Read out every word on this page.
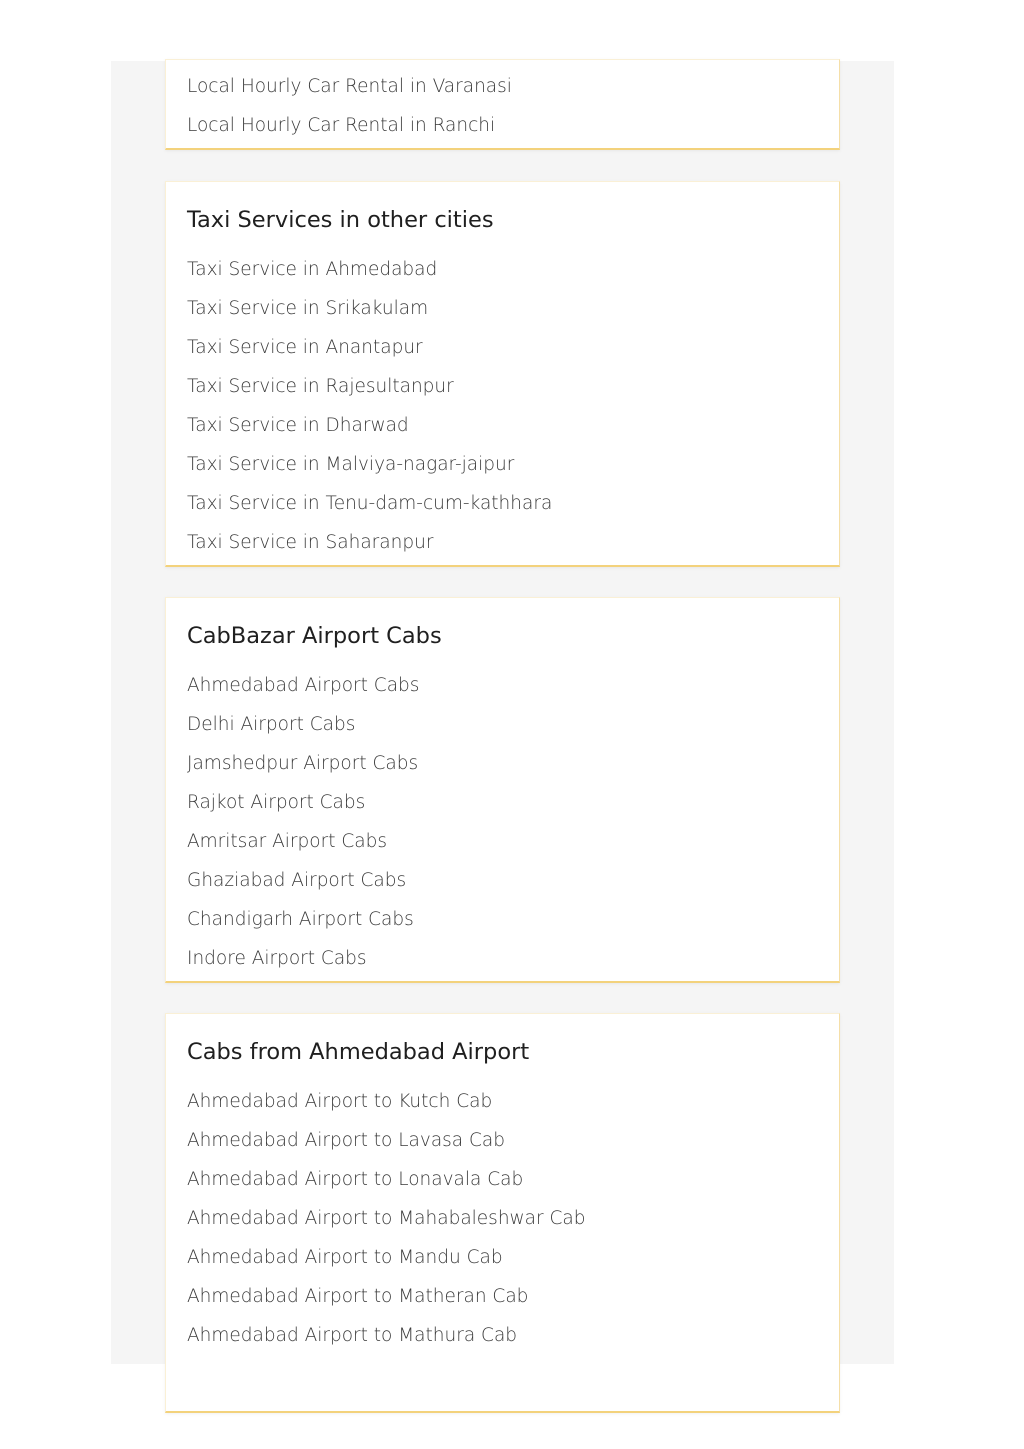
Local Hourly Car Rental in Varanasi
Local Hourly Car Rental in Ranchi
Taxi Services in other cities
Taxi Service in Ahmedabad
Taxi Service in Srikakulam
Taxi Service in Anantapur
Taxi Service in Rajesultanpur
Taxi Service in Dharwad
Taxi Service in Malviya-nagar-jaipur
Taxi Service in Tenu-dam-cum-kathhara
Taxi Service in Saharanpur
CabBazar Airport Cabs
Ahmedabad Airport Cabs
Delhi Airport Cabs
Jamshedpur Airport Cabs
Rajkot Airport Cabs
Amritsar Airport Cabs
Ghaziabad Airport Cabs
Chandigarh Airport Cabs
Indore Airport Cabs
Cabs from Ahmedabad Airport
Ahmedabad Airport to Kutch Cab
Ahmedabad Airport to Lavasa Cab
Ahmedabad Airport to Lonavala Cab
Ahmedabad Airport to Mahabaleshwar Cab
Ahmedabad Airport to Mandu Cab
Ahmedabad Airport to Matheran Cab
Ahmedabad Airport to Mathura Cab
